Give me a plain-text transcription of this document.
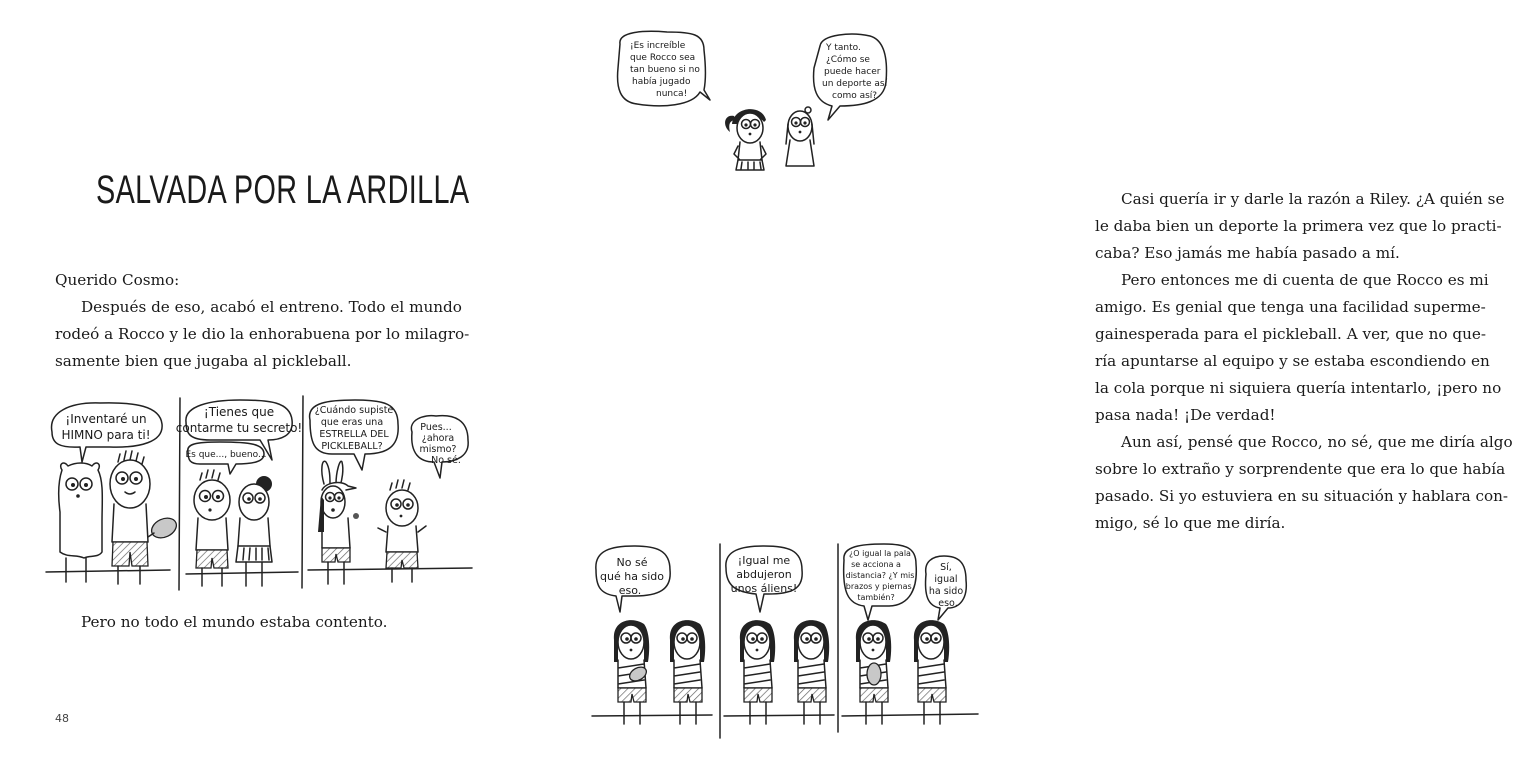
SALVADA POR LA ARDILLA

Querido Cosmo:

Después de eso, acabó el entreno. Todo el mundo

rodeó a Rocco y le dio la enhorabuena por lo milagro-

samente bien que jugaba al pickleball.

¡Inventaré un
HIMNO para ti!
¡Tienes que
contarme tu secreto!
Es que..., bueno...
¿Cuándo supiste
que eras una
ESTRELLA DEL
PICKLEBALL?
Pues...
¿ahora
mismo?
No sé.

Pero no todo el mundo estaba contento.

48
¡Es increíble
que Rocco sea
tan bueno si no
había jugado
nunca!
Y tanto.
¿Cómo se
puede hacer
un deporte así
como así?

Casi quería ir y darle la razón a Riley. ¿A quién se

le daba bien un deporte la primera vez que lo practi-

caba? Eso jamás me había pasado a mí.

Pero entonces me di cuenta de que Rocco es mi

amigo. Es genial que tenga una facilidad superme-

gainesperada para el pickleball. A ver, que no que-

ría apuntarse al equipo y se estaba escondiendo en

la cola porque ni siquiera quería intentarlo, ¡pero no

pasa nada! ¡De verdad!

Aun así, pensé que Rocco, no sé, que me diría algo

sobre lo extraño y sorprendente que era lo que había

pasado. Si yo estuviera en su situación y hablara con-

migo, sé lo que me diría.

No sé
qué ha sido
eso.
¡Igual me
abdujeron
unos áliens!
¿O igual la pala
se acciona a
distancia? ¿Y mis
brazos y piernas,
también?
Sí,
igual
ha sido
eso.
